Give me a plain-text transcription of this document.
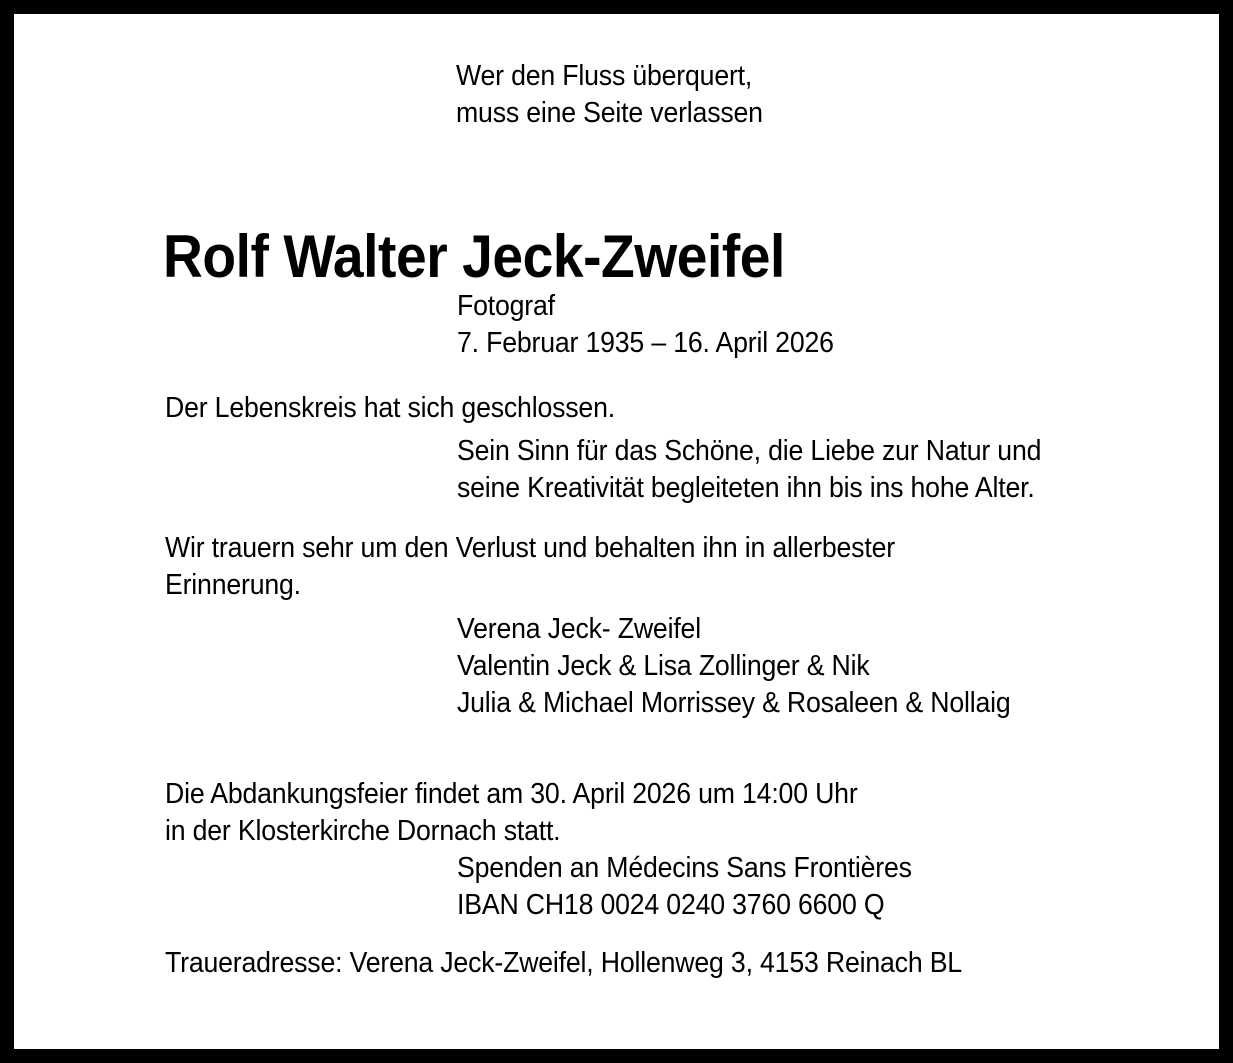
Wer den Fluss überquert,
muss eine Seite verlassen
Rolf Walter Jeck-Zweifel
Fotograf
7. Februar 1935 – 16. April 2026
Der Lebenskreis hat sich geschlossen.
Sein Sinn für das Schöne, die Liebe zur Natur und
seine Kreativität begleiteten ihn bis ins hohe Alter.
Wir trauern sehr um den Verlust und behalten ihn in allerbester
Erinnerung.
Verena Jeck- Zweifel
Valentin Jeck & Lisa Zollinger & Nik
Julia & Michael Morrissey & Rosaleen & Nollaig
Die Abdankungsfeier findet am 30. April 2026 um 14:00 Uhr
in der Klosterkirche Dornach statt.
Spenden an Médecins Sans Frontières
IBAN CH18 0024 0240 3760 6600 Q
Traueradresse: Verena Jeck-Zweifel, Hollenweg 3, 4153 Reinach BL
